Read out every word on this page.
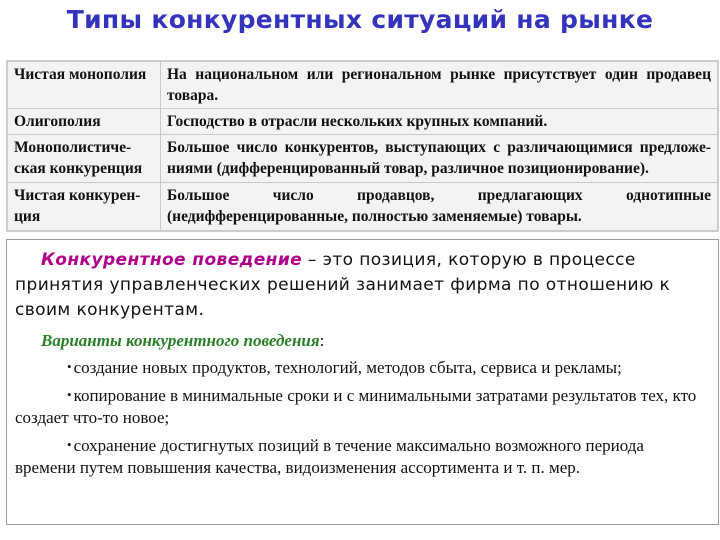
Типы конкурентных ситуаций на рынке
Чистая монополия	На национальном или региональном рынке присутствует один продавец товара.
Олигополия	Господство в отрасли нескольких крупных компаний.
Монополистиче-ская конкуренция	Большое число конкурентов, выступающих с различающимися предложе-ниями (дифференцированный товар, различное позиционирование).
Чистая конкурен-ция	Большое число продавцов, предлагающих однотипные (недифференцированные, полностью заменяемые) товары.

Конкурентное поведение – это позиция, которую в процессе принятия управленческих решений занимает фирма по отношению к своим конкурентам.

Варианты конкурентного поведения:
• создание новых продуктов, технологий, методов сбыта, сервиса и рекламы;
• копирование в минимальные сроки и с минимальными затратами результатов тех, кто создает что-то новое;
• сохранение достигнутых позиций в течение максимально возможного периода времени путем повышения качества, видоизменения ассортимента и т. п. мер.
